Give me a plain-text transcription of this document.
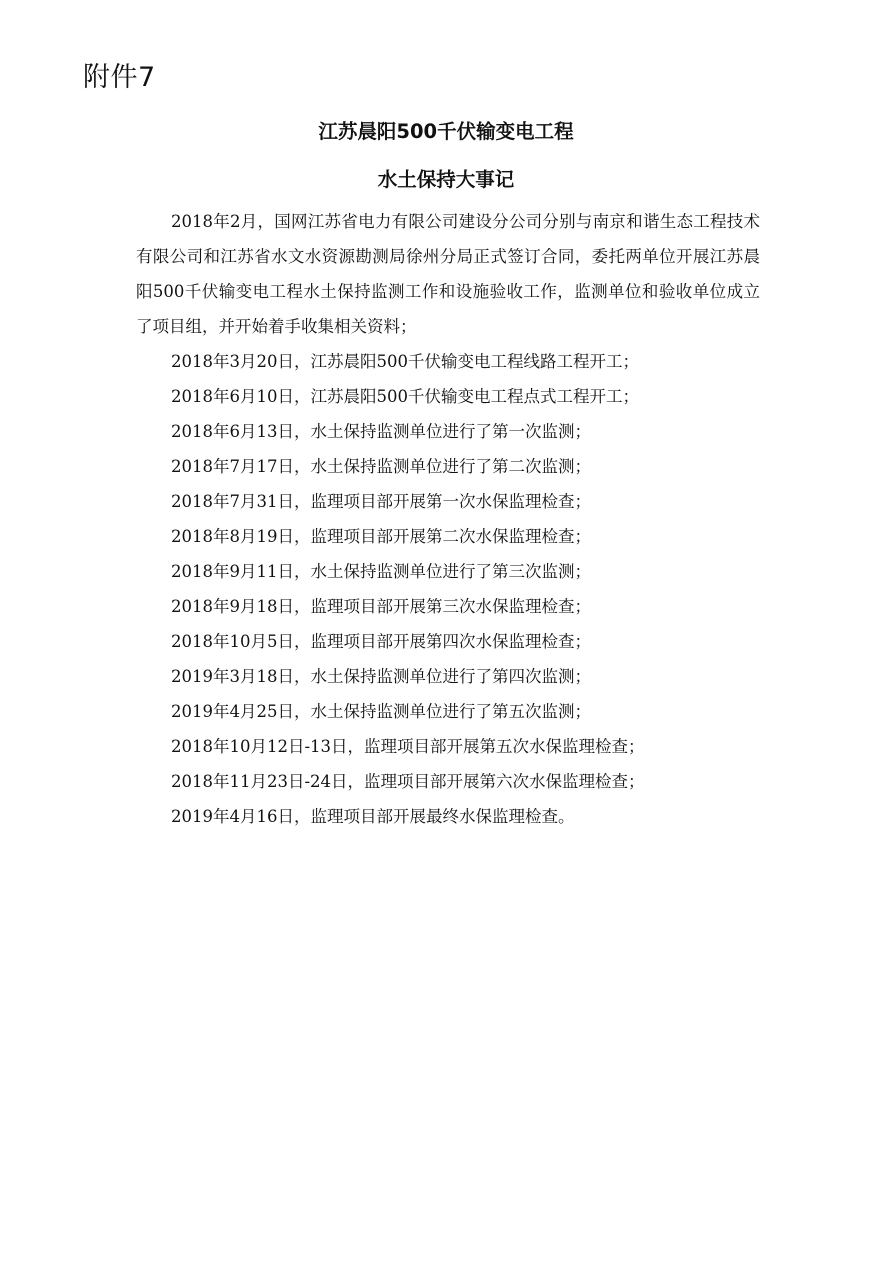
附件7
江苏晨阳500千伏输变电工程
水土保持大事记

2018年2月，国网江苏省电力有限公司建设分公司分别与南京和谐生态工程技术有限公司和江苏省水文水资源勘测局徐州分局正式签订合同，委托两单位开展江苏晨阳500千伏输变电工程水土保持监测工作和设施验收工作，监测单位和验收单位成立了项目组，并开始着手收集相关资料；

2018年3月20日，江苏晨阳500千伏输变电工程线路工程开工；

2018年6月10日，江苏晨阳500千伏输变电工程点式工程开工；

2018年6月13日，水土保持监测单位进行了第一次监测；

2018年7月17日，水土保持监测单位进行了第二次监测；

2018年7月31日，监理项目部开展第一次水保监理检查；

2018年8月19日，监理项目部开展第二次水保监理检查；

2018年9月11日，水土保持监测单位进行了第三次监测；

2018年9月18日，监理项目部开展第三次水保监理检查；

2018年10月5日，监理项目部开展第四次水保监理检查；

2019年3月18日，水土保持监测单位进行了第四次监测；

2019年4月25日，水土保持监测单位进行了第五次监测；

2018年10月12日-13日，监理项目部开展第五次水保监理检查；

2018年11月23日-24日，监理项目部开展第六次水保监理检查；

2019年4月16日，监理项目部开展最终水保监理检查。
